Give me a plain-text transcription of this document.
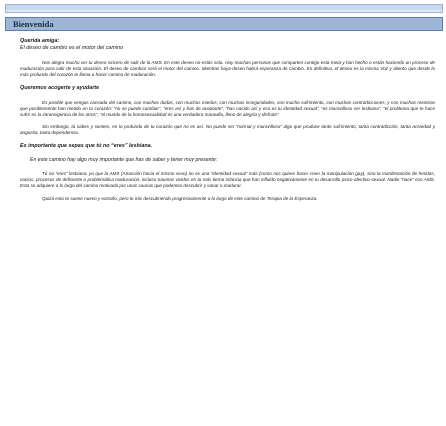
Bienvenida

Querida amiga:

El deseo de cambio es el motor del camino

Nos alegra mucho ver tu deseo sincero de salir de la AMS. En este deseo no estás sola. Hay muchas personas que comparten contigo esta meta y han hecho o están haciendo un proceso de maduración para salir de esta situación. El deseo de cambiar será el motor del camino. Mientras haya deseo habrá esperanza de cambio. En definitiva, el deseo es la misma Voz y aliento que desde lo más profundo del corazón te llama a hacer camino de maduración.

Queremos acogerte y ayudarte

Es posible que vengas cansada del camino, con muchas dudas, con muchos miedos, con muchas inseguridades, con mucho sufrimiento, con muchas contradicciones, y con muchas mentiras que posiblemente han metido en tu corazón: “no se puede cambiar”, “eres así y has de aceptarte”, “has nacido así y eso es tu identidad sexual”, “es maravilloso ser lesbiana”, “el problema que te hace sufrir es la intransigencia de los otros”, “el mundo de la homosexualidad es una verdadera maravilla, lleno de alegría y disfrute”.

Sin embargo, tú sabes y sientes, en lo profundo de tu corazón que no es así. No puede ser “normal y maravilloso” algo que produce tanto sufrimiento, tanta contradicción, tanta ansiedad y angustia, tanta dependencia.

Es importante que sepas que tú no “eres” lesbiana.

En este camino hay algo muy importante que has de saber y tener muy presente:

Tú no “eres” lesbiana, ya que la AMS (Atracción hacia el mismo sexo) no es una “identidad sexual” más (como nos quiere hacer creer la manipulación gay), sino la manifestación de heridas, vacíos, procesos de deficiente o problemática maduración, incluso traumas vividos en tu más tierna infancia que han influido negativamente en tu desarrollo psico-afectivo-sexual. Nadie “nace” con AMS. Esta se adquiere a lo largo del camino motivada por unas causas que podemos descubrir y sanar o madurar.

Quizá esto te suene nuevo y extraño, pero lo irás descubriendo progresivamente a lo largo de este camino de Terapia de la Esperanza.
